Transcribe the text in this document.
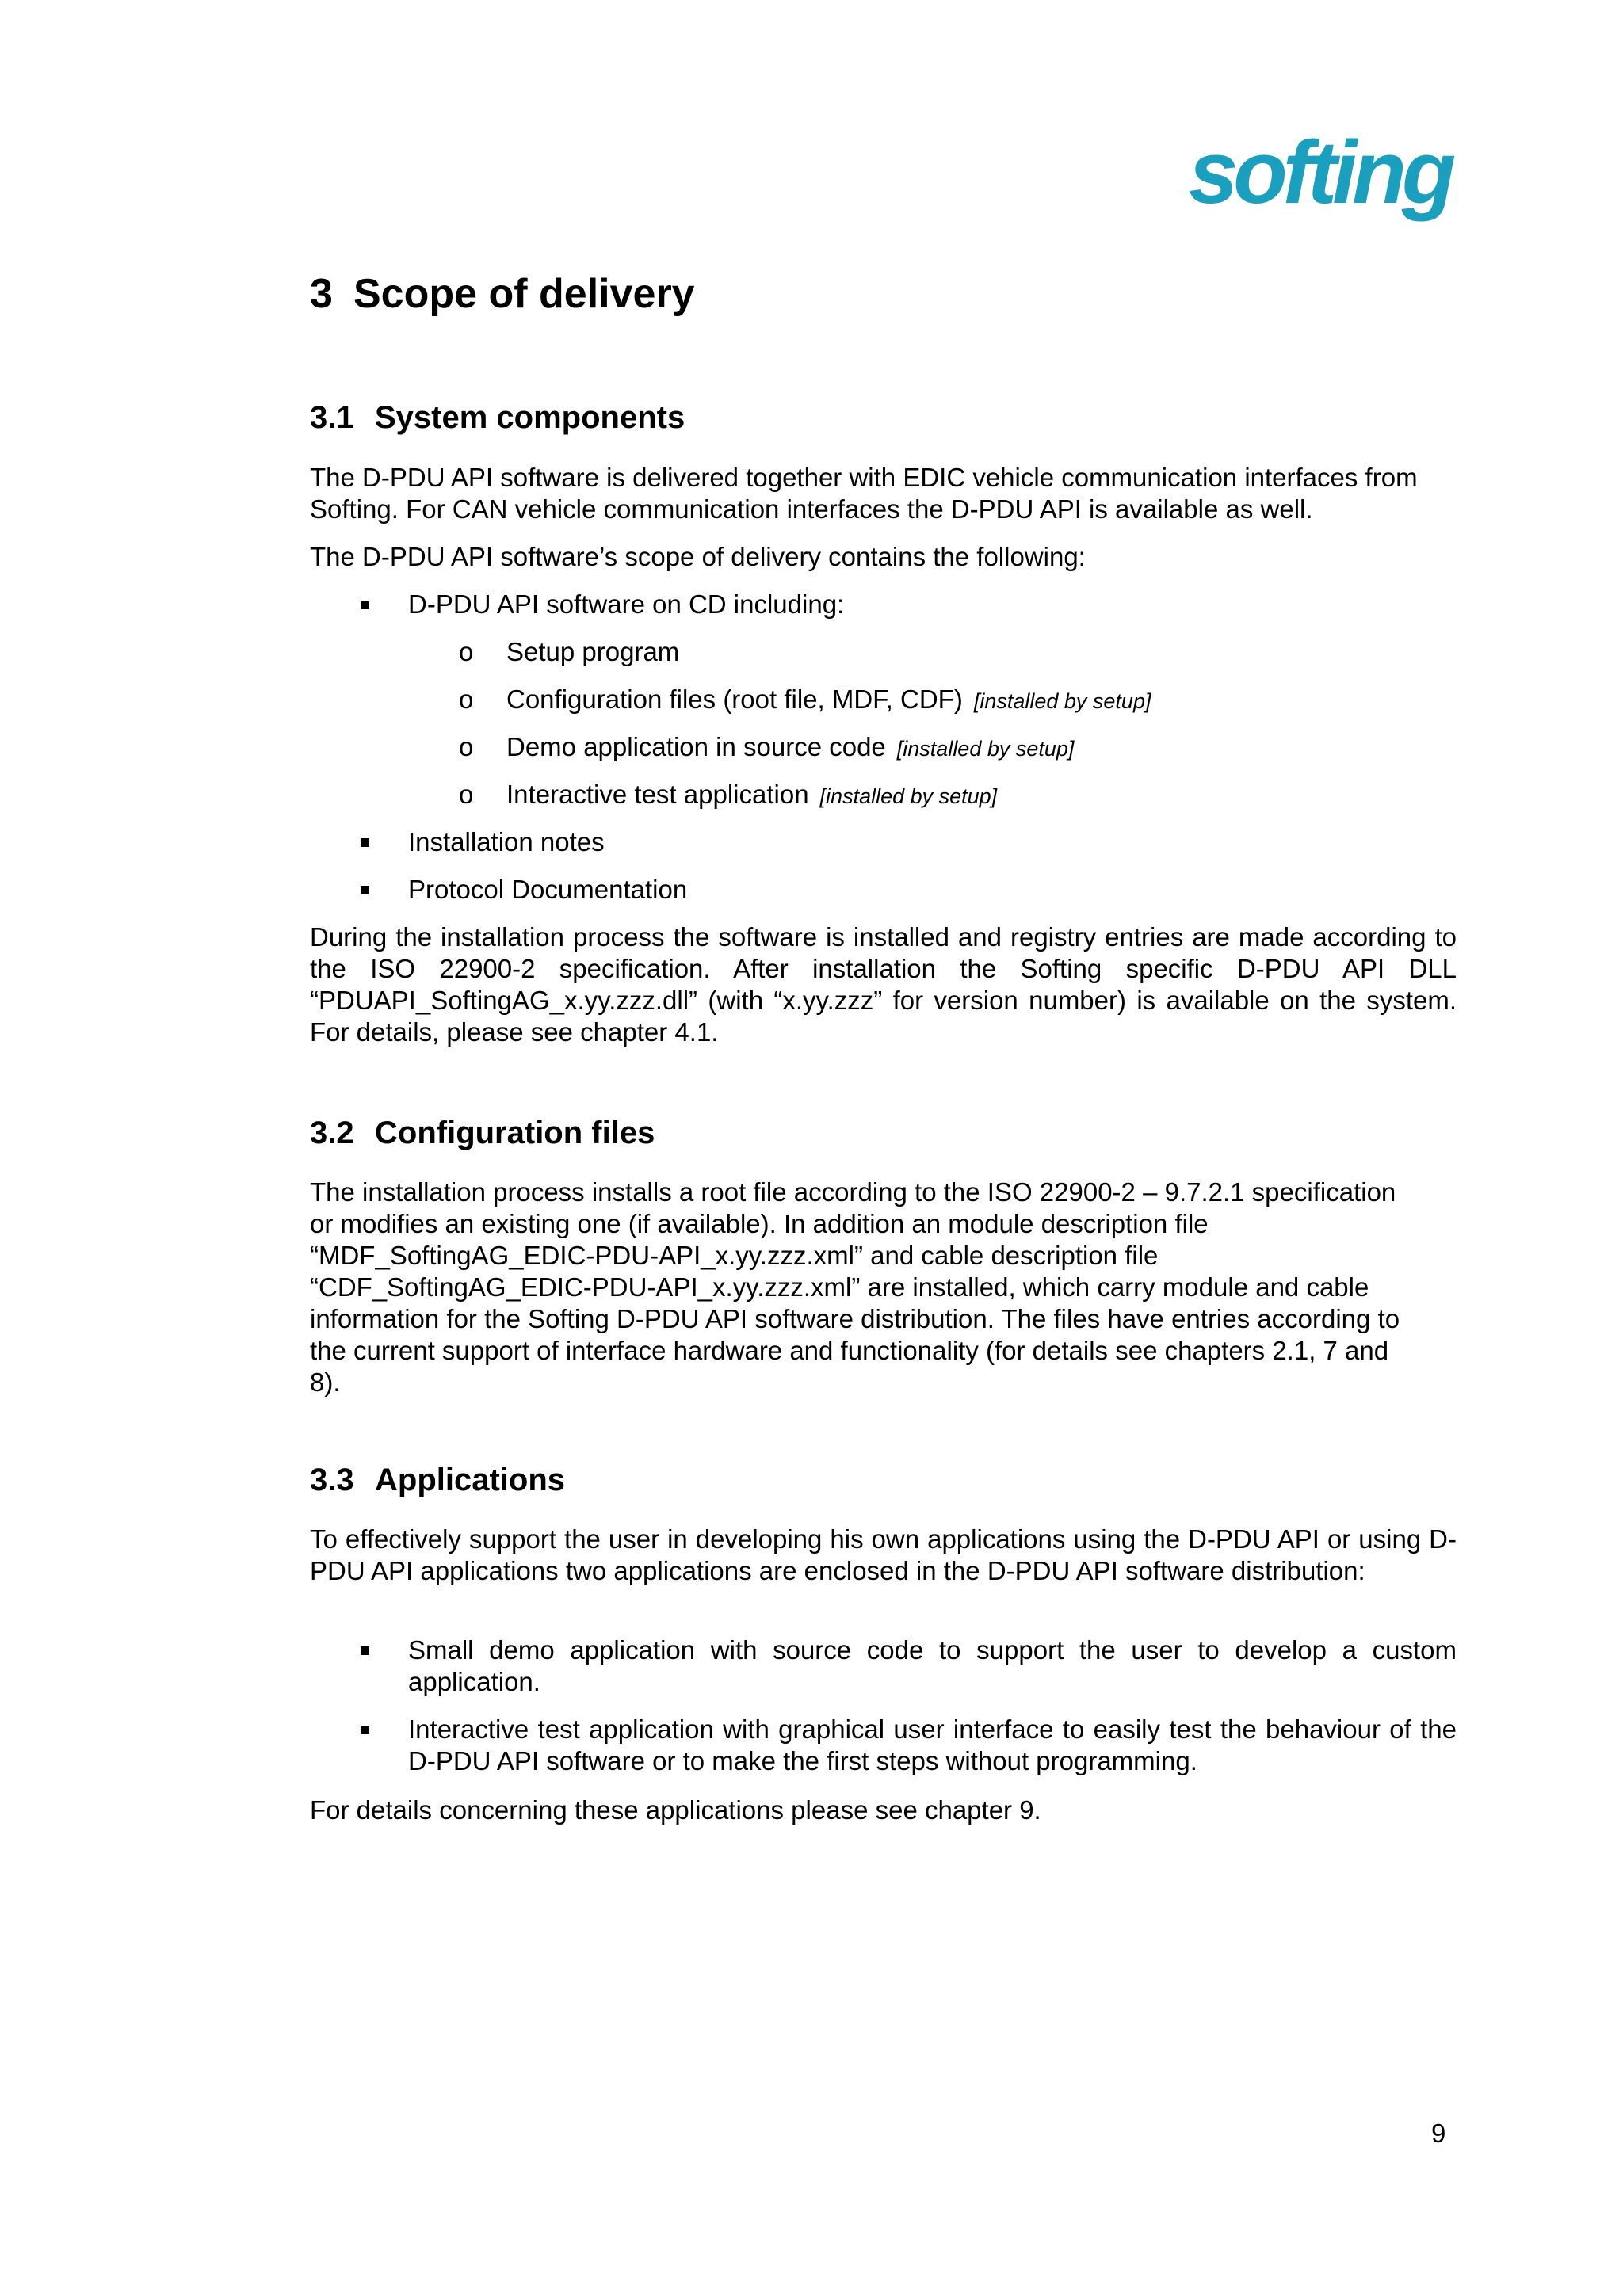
softing
3 Scope of delivery
3.1 System components

The D-PDU API software is delivered together with EDIC vehicle communication interfaces from Softing. For CAN vehicle communication interfaces the D-PDU API is available as well.

The D-PDU API software’s scope of delivery contains the following:

D-PDU API software on CD including:
o Setup program
o Configuration files (root file, MDF, CDF) [installed by setup]
o Demo application in source code [installed by setup]
o Interactive test application [installed by setup]
Installation notes
Protocol Documentation

During the installation process the software is installed and registry entries are made according to the ISO 22900-2 specification. After installation the Softing specific D-PDU API DLL “PDUAPI_SoftingAG_x.yy.zzz.dll” (with “x.yy.zzz” for version number) is available on the system. For details, please see chapter 4.1.

3.2 Configuration files

The installation process installs a root file according to the ISO 22900-2 – 9.7.2.1 specification
or modifies an existing one (if available). In addition an module description file
“MDF_SoftingAG_EDIC-PDU-API_x.yy.zzz.xml” and cable description file
“CDF_SoftingAG_EDIC-PDU-API_x.yy.zzz.xml” are installed, which carry module and cable
information for the Softing D-PDU API software distribution. The files have entries according to
the current support of interface hardware and functionality (for details see chapters 2.1, 7 and
8).

3.3 Applications

To effectively support the user in developing his own applications using the D-PDU API or using D-PDU API applications two applications are enclosed in the D-PDU API software distribution:

Small demo application with source code to support the user to develop a custom application.
Interactive test application with graphical user interface to easily test the behaviour of the D-PDU API software or to make the first steps without programming.

For details concerning these applications please see chapter 9.

9
